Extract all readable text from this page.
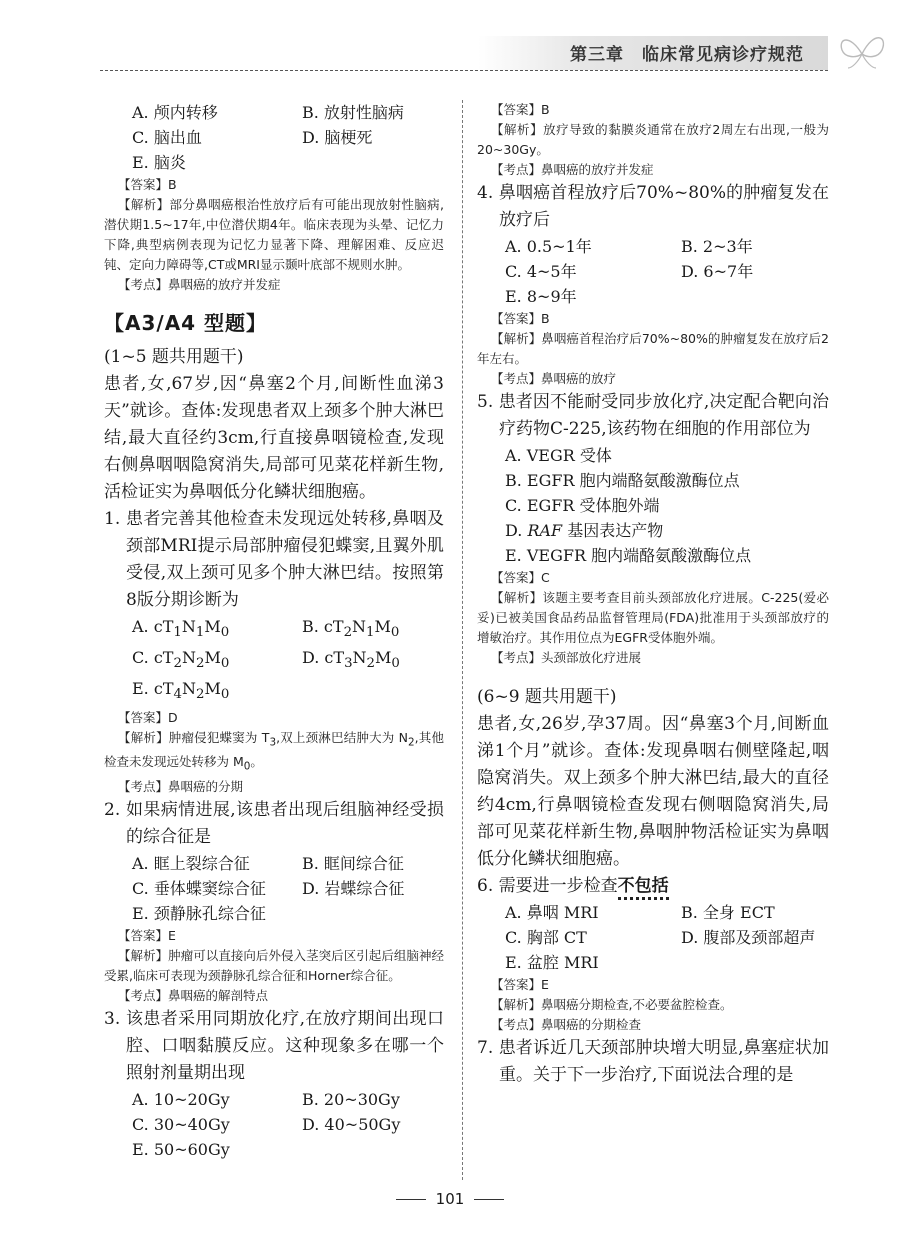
第三章　临床常见病诊疗规范
A. 颅内转移	B. 放射性脑病
C. 脑出血	D. 脑梗死
E. 脑炎
【答案】B

【解析】部分鼻咽癌根治性放疗后有可能出现放射性脑病,潜伏期1.5~17年,中位潜伏期4年。临床表现为头晕、记忆力下降,典型病例表现为记忆力显著下降、理解困难、反应迟钝、定向力障碍等,CT或MRI显示颞叶底部不规则水肿。

【考点】鼻咽癌的放疗并发症
【A3/A4 型题】
(1~5 题共用题干)

患者,女,67岁,因“鼻塞2个月,间断性血涕3天”就诊。查体:发现患者双上颈多个肿大淋巴结,最大直径约3cm,行直接鼻咽镜检查,发现右侧鼻咽咽隐窝消失,局部可见菜花样新生物,活检证实为鼻咽低分化鳞状细胞癌。

1. 患者完善其他检查未发现远处转移,鼻咽及颈部MRI提示局部肿瘤侵犯蝶窦,且翼外肌受侵,双上颈可见多个肿大淋巴结。按照第8版分期诊断为

A. $cT_1N_1M_0$	B. $cT_2N_1M_0$
C. $cT_2N_2M_0$	D. $cT_3N_2M_0$
E. $cT_4N_2M_0$
【答案】D

【解析】肿瘤侵犯蝶窦为 $T_3$,双上颈淋巴结肿大为 $N_2$,其他检查未发现远处转移为 $M_0$。

【考点】鼻咽癌的分期

2. 如果病情进展,该患者出现后组脑神经受损的综合征是

A. 眶上裂综合征	B. 眶间综合征
C. 垂体蝶窦综合征	D. 岩蝶综合征
E. 颈静脉孔综合征
【答案】E

【解析】肿瘤可以直接向后外侵入茎突后区引起后组脑神经受累,临床可表现为颈静脉孔综合征和Horner综合征。

【考点】鼻咽癌的解剖特点

3. 该患者采用同期放化疗,在放疗期间出现口腔、口咽黏膜反应。这种现象多在哪一个照射剂量期出现

A. 10~20Gy	B. 20~30Gy
C. 30~40Gy	D. 40~50Gy
E. 50~60Gy
【答案】B

【解析】放疗导致的黏膜炎通常在放疗2周左右出现,一般为20~30Gy。

【考点】鼻咽癌的放疗并发症

4. 鼻咽癌首程放疗后70%~80%的肿瘤复发在放疗后

A. 0.5~1年	B. 2~3年
C. 4~5年	D. 6~7年
E. 8~9年
【答案】B

【解析】鼻咽癌首程治疗后70%~80%的肿瘤复发在放疗后2年左右。

【考点】鼻咽癌的放疗

5. 患者因不能耐受同步放化疗,决定配合靶向治疗药物C-225,该药物在细胞的作用部位为

A. VEGR 受体
B. EGFR 胞内端酪氨酸激酶位点
C. EGFR 受体胞外端
D. RAF 基因表达产物
E. VEGFR 胞内端酪氨酸激酶位点
【答案】C

【解析】该题主要考查目前头颈部放化疗进展。C-225(爱必妥)已被美国食品药品监督管理局(FDA)批准用于头颈部放疗的增敏治疗。其作用位点为EGFR受体胞外端。

【考点】头颈部放化疗进展
(6~9 题共用题干)

患者,女,26岁,孕37周。因“鼻塞3个月,间断血涕1个月”就诊。查体:发现鼻咽右侧壁隆起,咽隐窝消失。双上颈多个肿大淋巴结,最大的直径约4cm,行鼻咽镜检查发现右侧咽隐窝消失,局部可见菜花样新生物,鼻咽肿物活检证实为鼻咽低分化鳞状细胞癌。

6. 需要进一步检查不包括

A. 鼻咽 MRI	B. 全身 ECT
C. 胸部 CT	D. 腹部及颈部超声
E. 盆腔 MRI
【答案】E

【解析】鼻咽癌分期检查,不必要盆腔检查。

【考点】鼻咽癌的分期检查

7. 患者诉近几天颈部肿块增大明显,鼻塞症状加重。关于下一步治疗,下面说法合理的是

101
